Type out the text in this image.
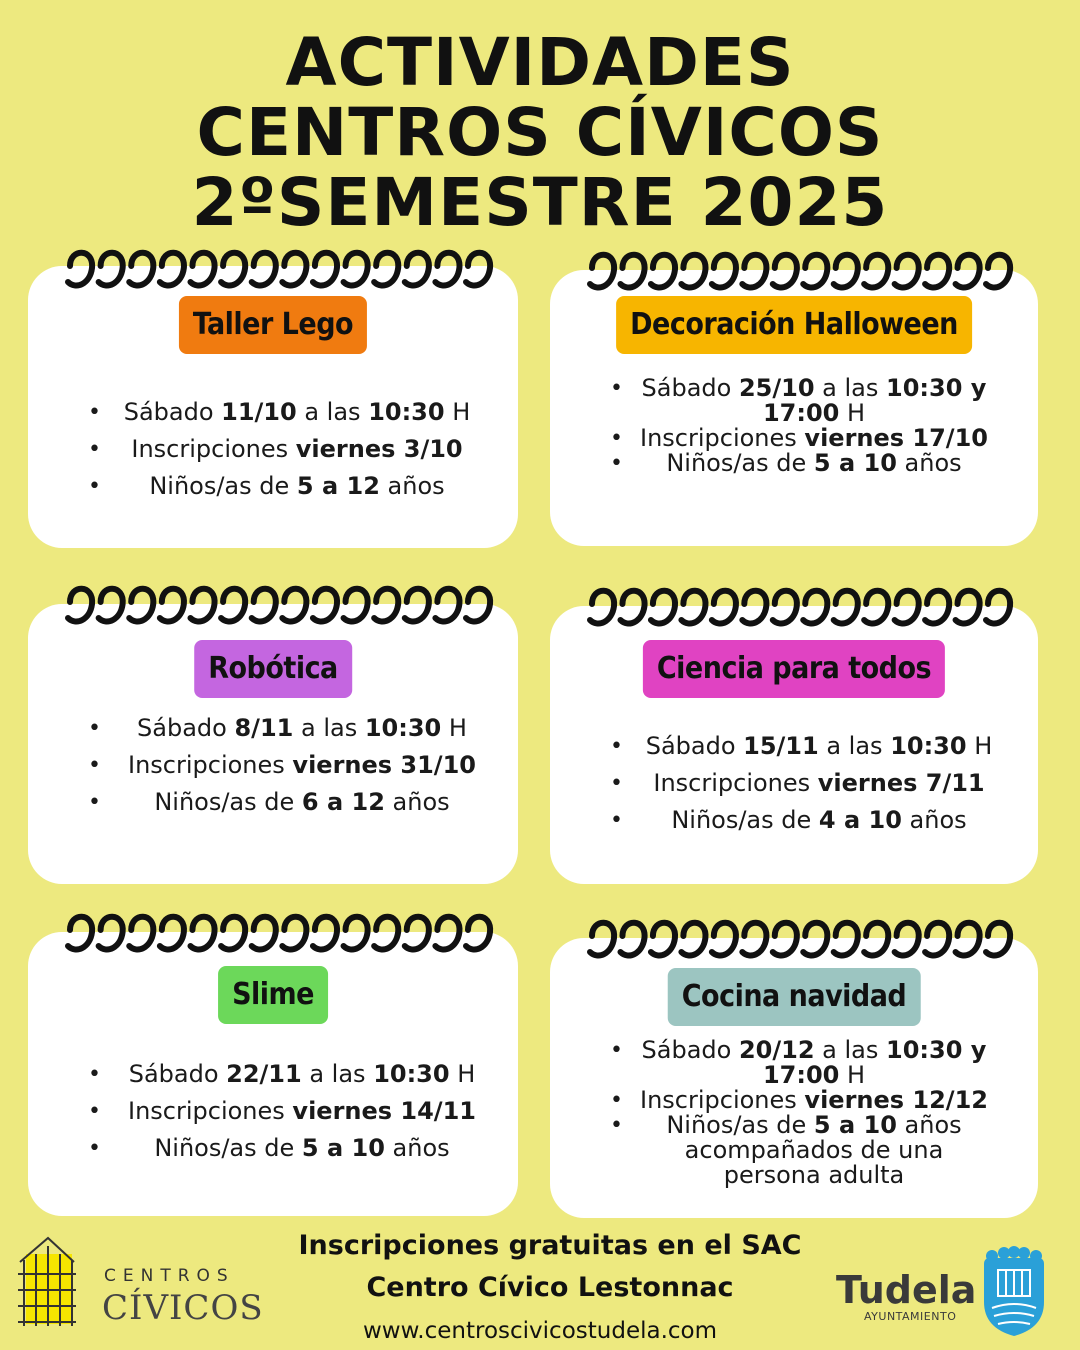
ACTIVIDADES
CENTROS CÍVICOS
2ºSEMESTRE 2025
Taller Lego
• Sábado 11/10 a las 10:30 H
• Inscripciones viernes 3/10
• Niños/as de 5 a 12 años
Decoración Halloween
• Sábado 25/10 a las 10:30 y 17:00 H
• Inscripciones viernes 17/10
• Niños/as de 5 a 10 años
Robótica
• Sábado 8/11 a las 10:30 H
• Inscripciones viernes 31/10
• Niños/as de 6 a 12 años
Ciencia para todos
• Sábado 15/11 a las 10:30 H
• Inscripciones viernes 7/11
• Niños/as de 4 a 10 años
Slime
• Sábado 22/11 a las 10:30 H
• Inscripciones viernes 14/11
• Niños/as de 5 a 10 años
Cocina navidad
• Sábado 20/12 a las 10:30 y 17:00 H
• Inscripciones viernes 12/12
• Niños/as de 5 a 10 años acompañados de una persona adulta
Inscripciones gratuitas en el SAC
Centro Cívico Lestonnac
www.centroscivicostudela.com
CENTROS
CÍVICOS	Tudela
AYUNTAMIENTO
